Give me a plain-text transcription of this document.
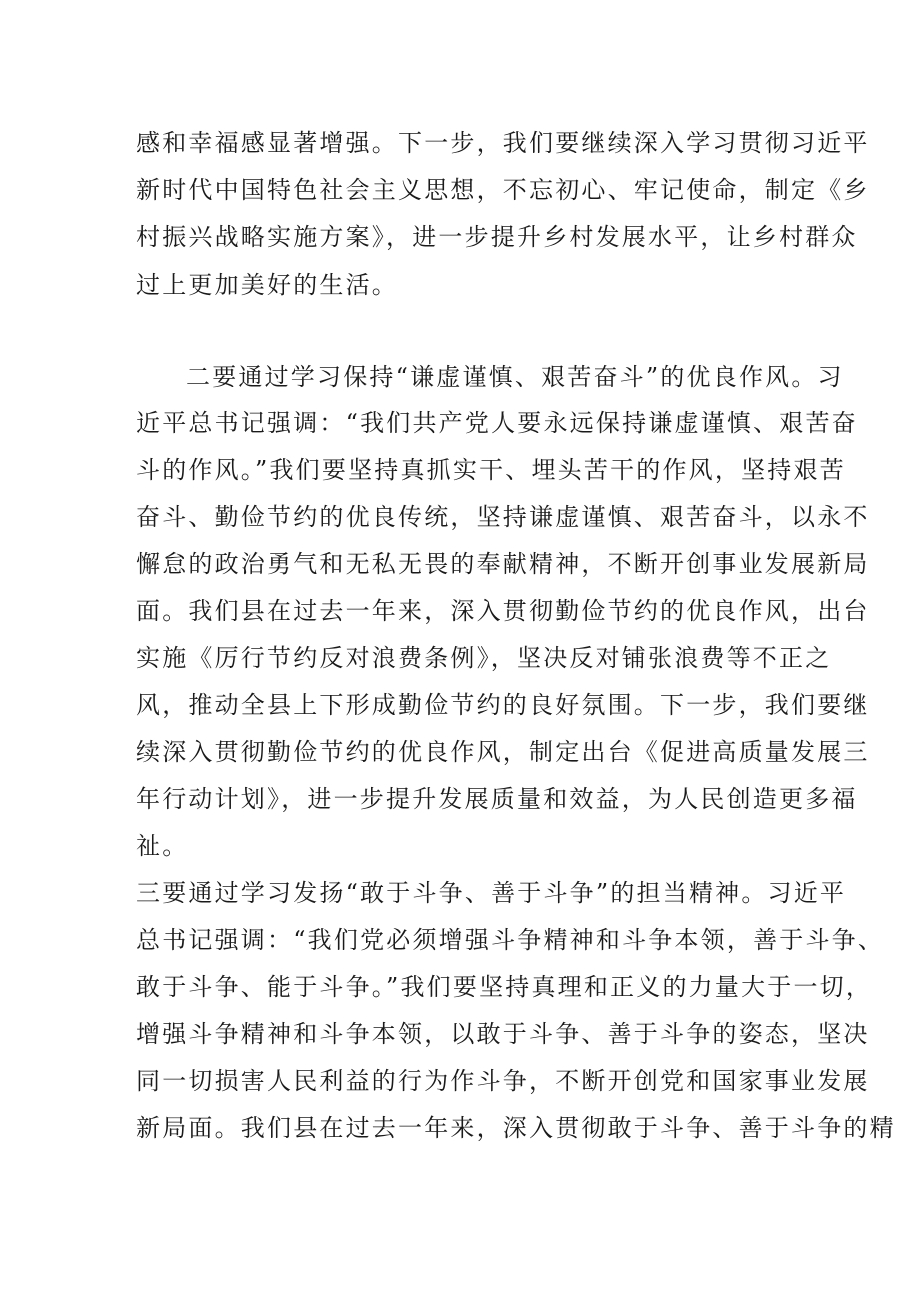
感和幸福感显著增强。下一步，我们要继续深入学习贯彻习近平
新时代中国特色社会主义思想，不忘初心、牢记使命，制定《乡
村振兴战略实施方案》，进一步提升乡村发展水平，让乡村群众
过上更加美好的生活。
二要通过学习保持“谦虚谨慎、艰苦奋斗”的优良作风。习
近平总书记强调：“我们共产党人要永远保持谦虚谨慎、艰苦奋
斗的作风。”我们要坚持真抓实干、埋头苦干的作风，坚持艰苦
奋斗、勤俭节约的优良传统，坚持谦虚谨慎、艰苦奋斗，以永不
懈怠的政治勇气和无私无畏的奉献精神，不断开创事业发展新局
面。我们县在过去一年来，深入贯彻勤俭节约的优良作风，出台
实施《厉行节约反对浪费条例》，坚决反对铺张浪费等不正之
风，推动全县上下形成勤俭节约的良好氛围。下一步，我们要继
续深入贯彻勤俭节约的优良作风，制定出台《促进高质量发展三
年行动计划》，进一步提升发展质量和效益，为人民创造更多福
祉。
三要通过学习发扬“敢于斗争、善于斗争”的担当精神。习近平
总书记强调：“我们党必须增强斗争精神和斗争本领，善于斗争、
敢于斗争、能于斗争。”我们要坚持真理和正义的力量大于一切，
增强斗争精神和斗争本领，以敢于斗争、善于斗争的姿态，坚决
同一切损害人民利益的行为作斗争，不断开创党和国家事业发展
新局面。我们县在过去一年来，深入贯彻敢于斗争、善于斗争的精
